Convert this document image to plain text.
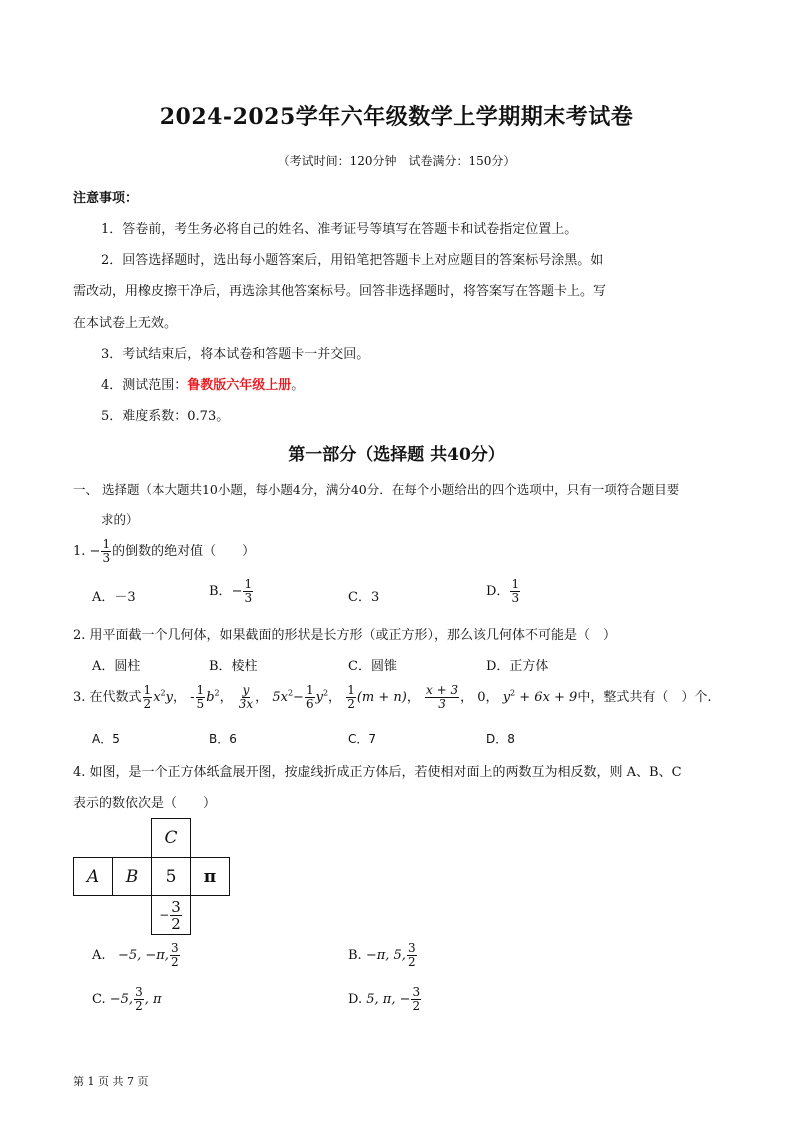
2024-2025学年六年级数学上学期期末考试卷
（考试时间：120分钟　试卷满分：150分）
注意事项：
1．答卷前，考生务必将自己的姓名、准考证号等填写在答题卡和试卷指定位置上。
2．回答选择题时，选出每小题答案后，用铅笔把答题卡上对应题目的答案标号涂黑。如
需改动，用橡皮擦干净后，再选涂其他答案标号。回答非选择题时，将答案写在答题卡上。写
在本试卷上无效。
3．考试结束后，将本试卷和答题卡一并交回。
4．测试范围：鲁教版六年级上册。
5．难度系数：0.73。
第一部分（选择题 共40分）
一、 选择题（本大题共10小题，每小题4分，满分40分．在每个小题给出的四个选项中，只有一项符合题目要
求的）
1. − $\frac{1}{3}$ 的倒数的绝对值（　　）
A．－3	B．− $\frac{1}{3}$	C．3	D． $\frac{1}{3}$
2. 用平面截一个几何体，如果截面的形状是长方形（或正方形），那么该几何体不可能是（　）
A．圆柱	B．棱柱	C．圆锥	D．正方体
3. 在代数式 $\frac{1}{2} x^2y$， - $\frac{1}{5} b^2$， $\frac{y}{3x}$ ， $5x^2- \frac{1}{6} y^2$， $\frac{1}{2} (m + n)$， $\frac{x + 3}{3}$ ， 0， $y^2 + 6x + 9$中，整式共有（　）个.
A．5	B．6	C．7	D．8
4. 如图，是一个正方体纸盒展开图，按虚线折成正方体后，若使相对面上的两数互为相反数，则 A、B、C
表示的数依次是（　　）
C
A	B	5	π
− $\frac{3}{2}$
A. −5, −π, $\frac{3}{2}$	B. −π, 5, $\frac{3}{2}$
C. −5, $\frac{3}{2}$ , π	D. 5, π, − $\frac{3}{2}$
第 1 页 共 7 页
